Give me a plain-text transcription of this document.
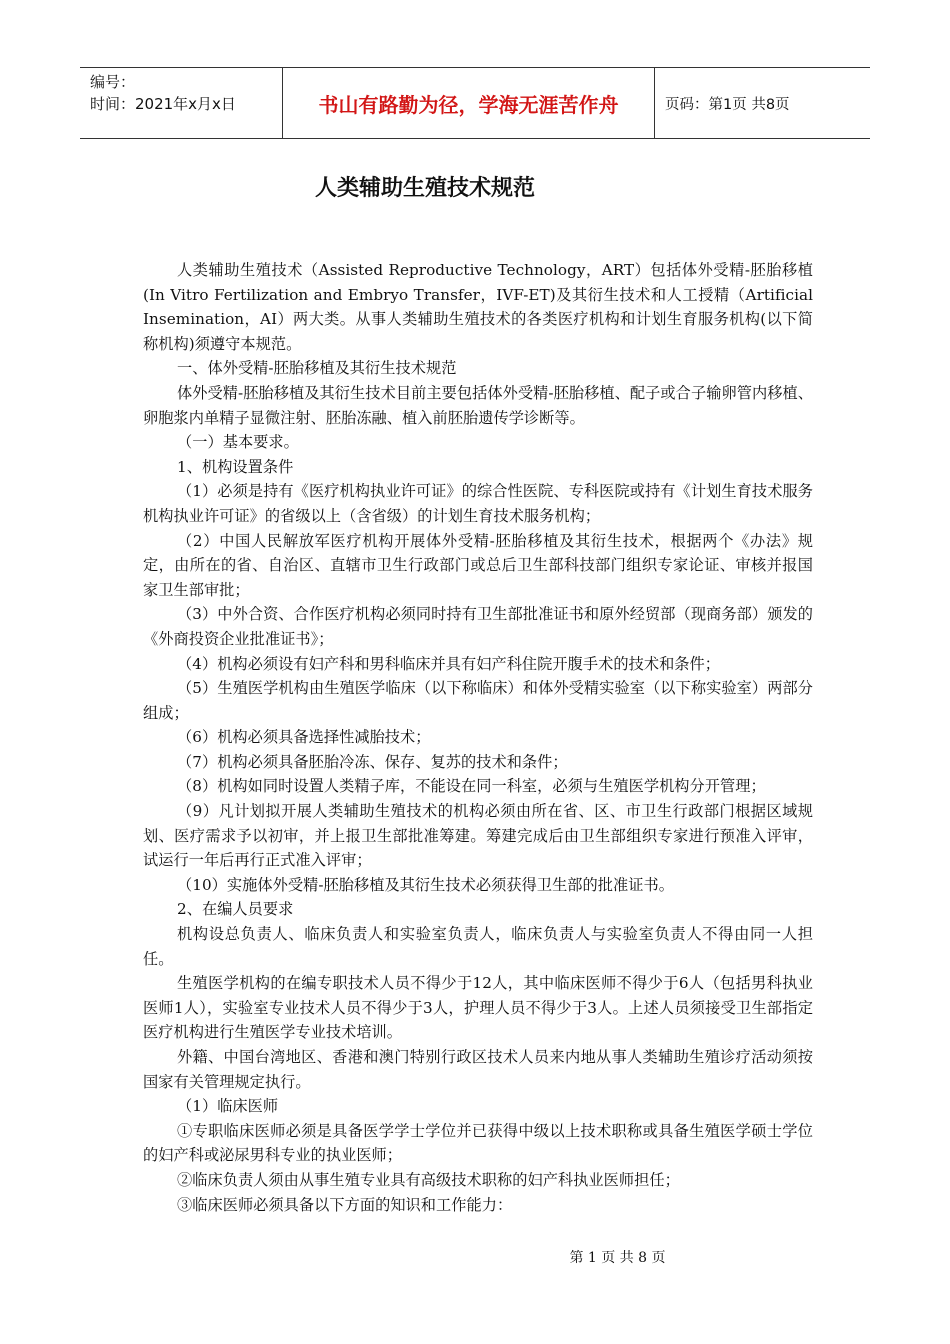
编号：
时间：2021年x月x日	书山有路勤为径，学海无涯苦作舟	页码：第1页 共8页
人类辅助生殖技术规范

人类辅助生殖技术（Assisted Reproductive Technology，ART）包括体外受精-胚胎移植(In Vitro Fertilization and Embryo Transfer，IVF-ET)及其衍生技术和人工授精（Artificial Insemination，AI）两大类。从事人类辅助生殖技术的各类医疗机构和计划生育服务机构(以下简称机构)须遵守本规范。

一、体外受精-胚胎移植及其衍生技术规范

体外受精-胚胎移植及其衍生技术目前主要包括体外受精-胚胎移植、配子或合子输卵管内移植、卵胞浆内单精子显微注射、胚胎冻融、植入前胚胎遗传学诊断等。

（一）基本要求。

1、机构设置条件

（1）必须是持有《医疗机构执业许可证》的综合性医院、专科医院或持有《计划生育技术服务机构执业许可证》的省级以上（含省级）的计划生育技术服务机构；

（2）中国人民解放军医疗机构开展体外受精-胚胎移植及其衍生技术，根据两个《办法》规定，由所在的省、自治区、直辖市卫生行政部门或总后卫生部科技部门组织专家论证、审核并报国家卫生部审批；

（3）中外合资、合作医疗机构必须同时持有卫生部批准证书和原外经贸部（现商务部）颁发的《外商投资企业批准证书》；

（4）机构必须设有妇产科和男科临床并具有妇产科住院开腹手术的技术和条件；

（5）生殖医学机构由生殖医学临床（以下称临床）和体外受精实验室（以下称实验室）两部分组成；

（6）机构必须具备选择性减胎技术；

（7）机构必须具备胚胎冷冻、保存、复苏的技术和条件；

（8）机构如同时设置人类精子库，不能设在同一科室，必须与生殖医学机构分开管理；

（9）凡计划拟开展人类辅助生殖技术的机构必须由所在省、区、市卫生行政部门根据区域规划、医疗需求予以初审，并上报卫生部批准筹建。筹建完成后由卫生部组织专家进行预准入评审，试运行一年后再行正式准入评审；

（10）实施体外受精-胚胎移植及其衍生技术必须获得卫生部的批准证书。

2、在编人员要求

机构设总负责人、临床负责人和实验室负责人，临床负责人与实验室负责人不得由同一人担任。

生殖医学机构的在编专职技术人员不得少于12人，其中临床医师不得少于6人（包括男科执业医师1人），实验室专业技术人员不得少于3人，护理人员不得少于3人。上述人员须接受卫生部指定医疗机构进行生殖医学专业技术培训。

外籍、中国台湾地区、香港和澳门特别行政区技术人员来内地从事人类辅助生殖诊疗活动须按国家有关管理规定执行。

（1）临床医师

①专职临床医师必须是具备医学学士学位并已获得中级以上技术职称或具备生殖医学硕士学位的妇产科或泌尿男科专业的执业医师；

②临床负责人须由从事生殖专业具有高级技术职称的妇产科执业医师担任；

③临床医师必须具备以下方面的知识和工作能力：

第 1 页 共 8 页
